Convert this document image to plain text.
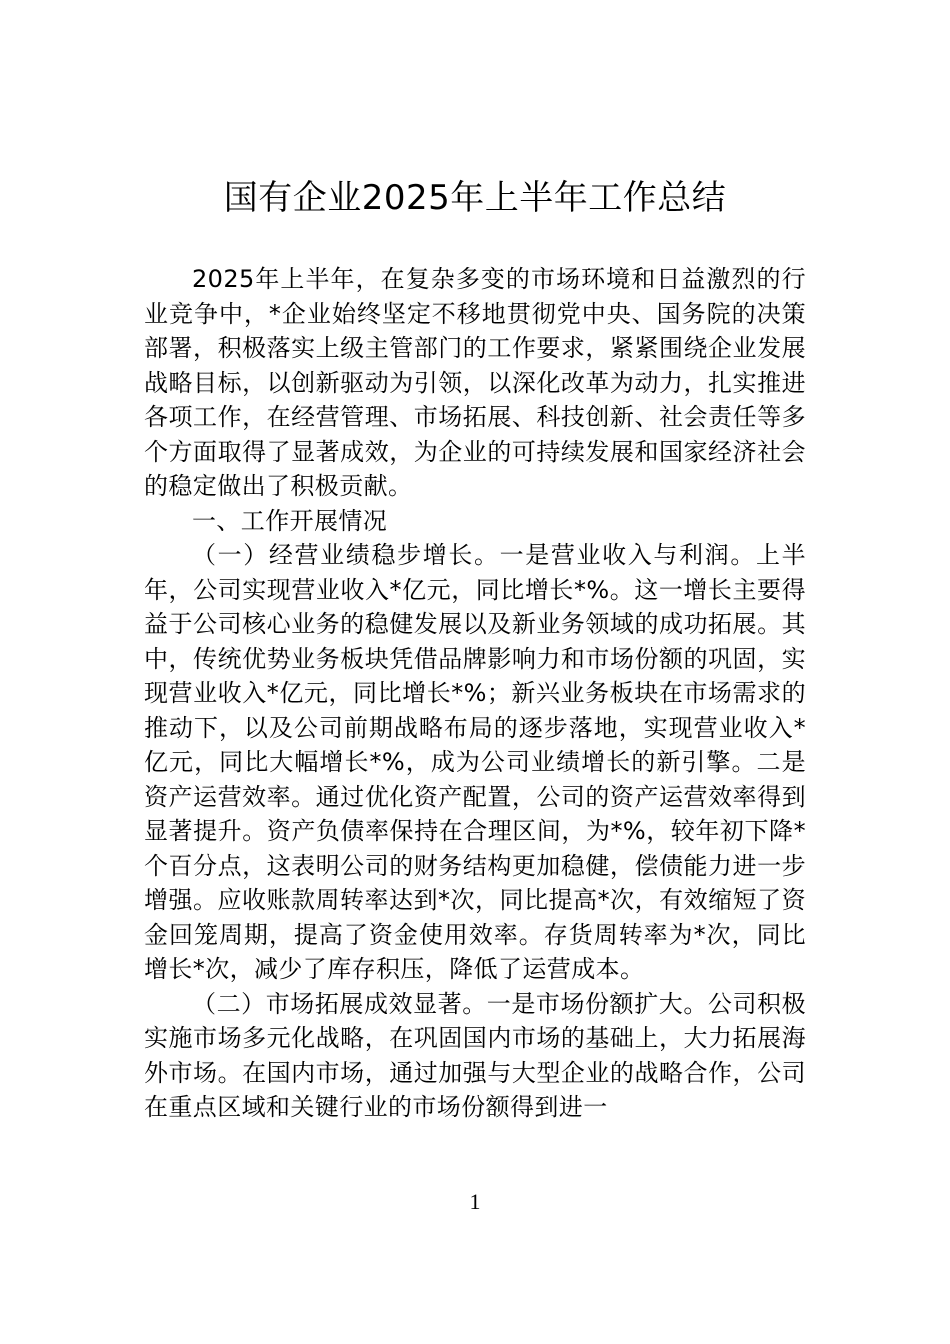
国有企业2025年上半年工作总结

2025年上半年，在复杂多变的市场环境和日益激烈的行业竞争中，*企业始终坚定不移地贯彻党中央、国务院的决策部署，积极落实上级主管部门的工作要求，紧紧围绕企业发展战略目标，以创新驱动为引领，以深化改革为动力，扎实推进各项工作，在经营管理、市场拓展、科技创新、社会责任等多个方面取得了显著成效，为企业的可持续发展和国家经济社会的稳定做出了积极贡献。

一、工作开展情况

（一）经营业绩稳步增长。一是营业收入与利润。上半年，公司实现营业收入*亿元，同比增长*%。这一增长主要得益于公司核心业务的稳健发展以及新业务领域的成功拓展。其中，传统优势业务板块凭借品牌影响力和市场份额的巩固，实现营业收入*亿元，同比增长*%；新兴业务板块在市场需求的推动下，以及公司前期战略布局的逐步落地，实现营业收入*亿元，同比大幅增长*%，成为公司业绩增长的新引擎。二是资产运营效率。通过优化资产配置，公司的资产运营效率得到显著提升。资产负债率保持在合理区间，为*%，较年初下降*个百分点，这表明公司的财务结构更加稳健，偿债能力进一步增强。应收账款周转率达到*次，同比提高*次，有效缩短了资金回笼周期，提高了资金使用效率。存货周转率为*次，同比增长*次，减少了库存积压，降低了运营成本。

（二）市场拓展成效显著。一是市场份额扩大。公司积极实施市场多元化战略，在巩固国内市场的基础上，大力拓展海外市场。在国内市场，通过加强与大型企业的战略合作，公司在重点区域和关键行业的市场份额得到进一

1
